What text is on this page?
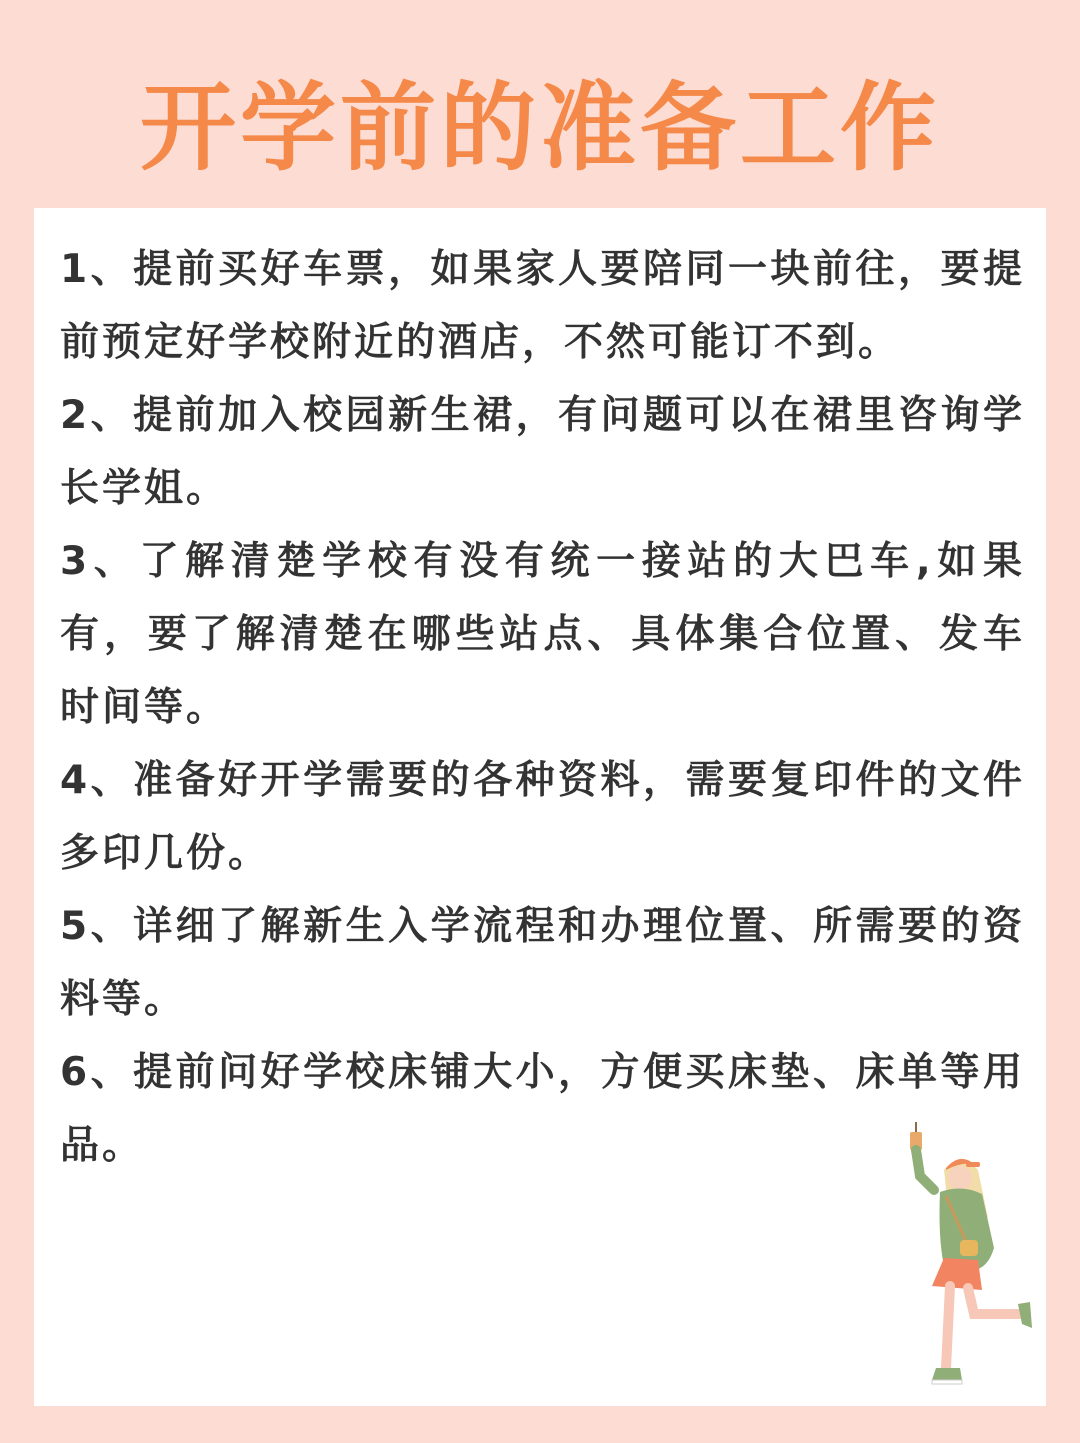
开学前的准备工作

1、提前买好车票，如果家人要陪同一块前往，要提前预定好学校附近的酒店，不然可能订不到。

2、提前加入校园新生裙，有问题可以在裙里咨询学长学姐。

3、了解清楚学校有没有统一接站的大巴车,如果有，要了解清楚在哪些站点、具体集合位置、发车时间等。

4、准备好开学需要的各种资料，需要复印件的文件多印几份。

5、详细了解新生入学流程和办理位置、所需要的资料等。

6、提前问好学校床铺大小，方便买床垫、床单等用品。
